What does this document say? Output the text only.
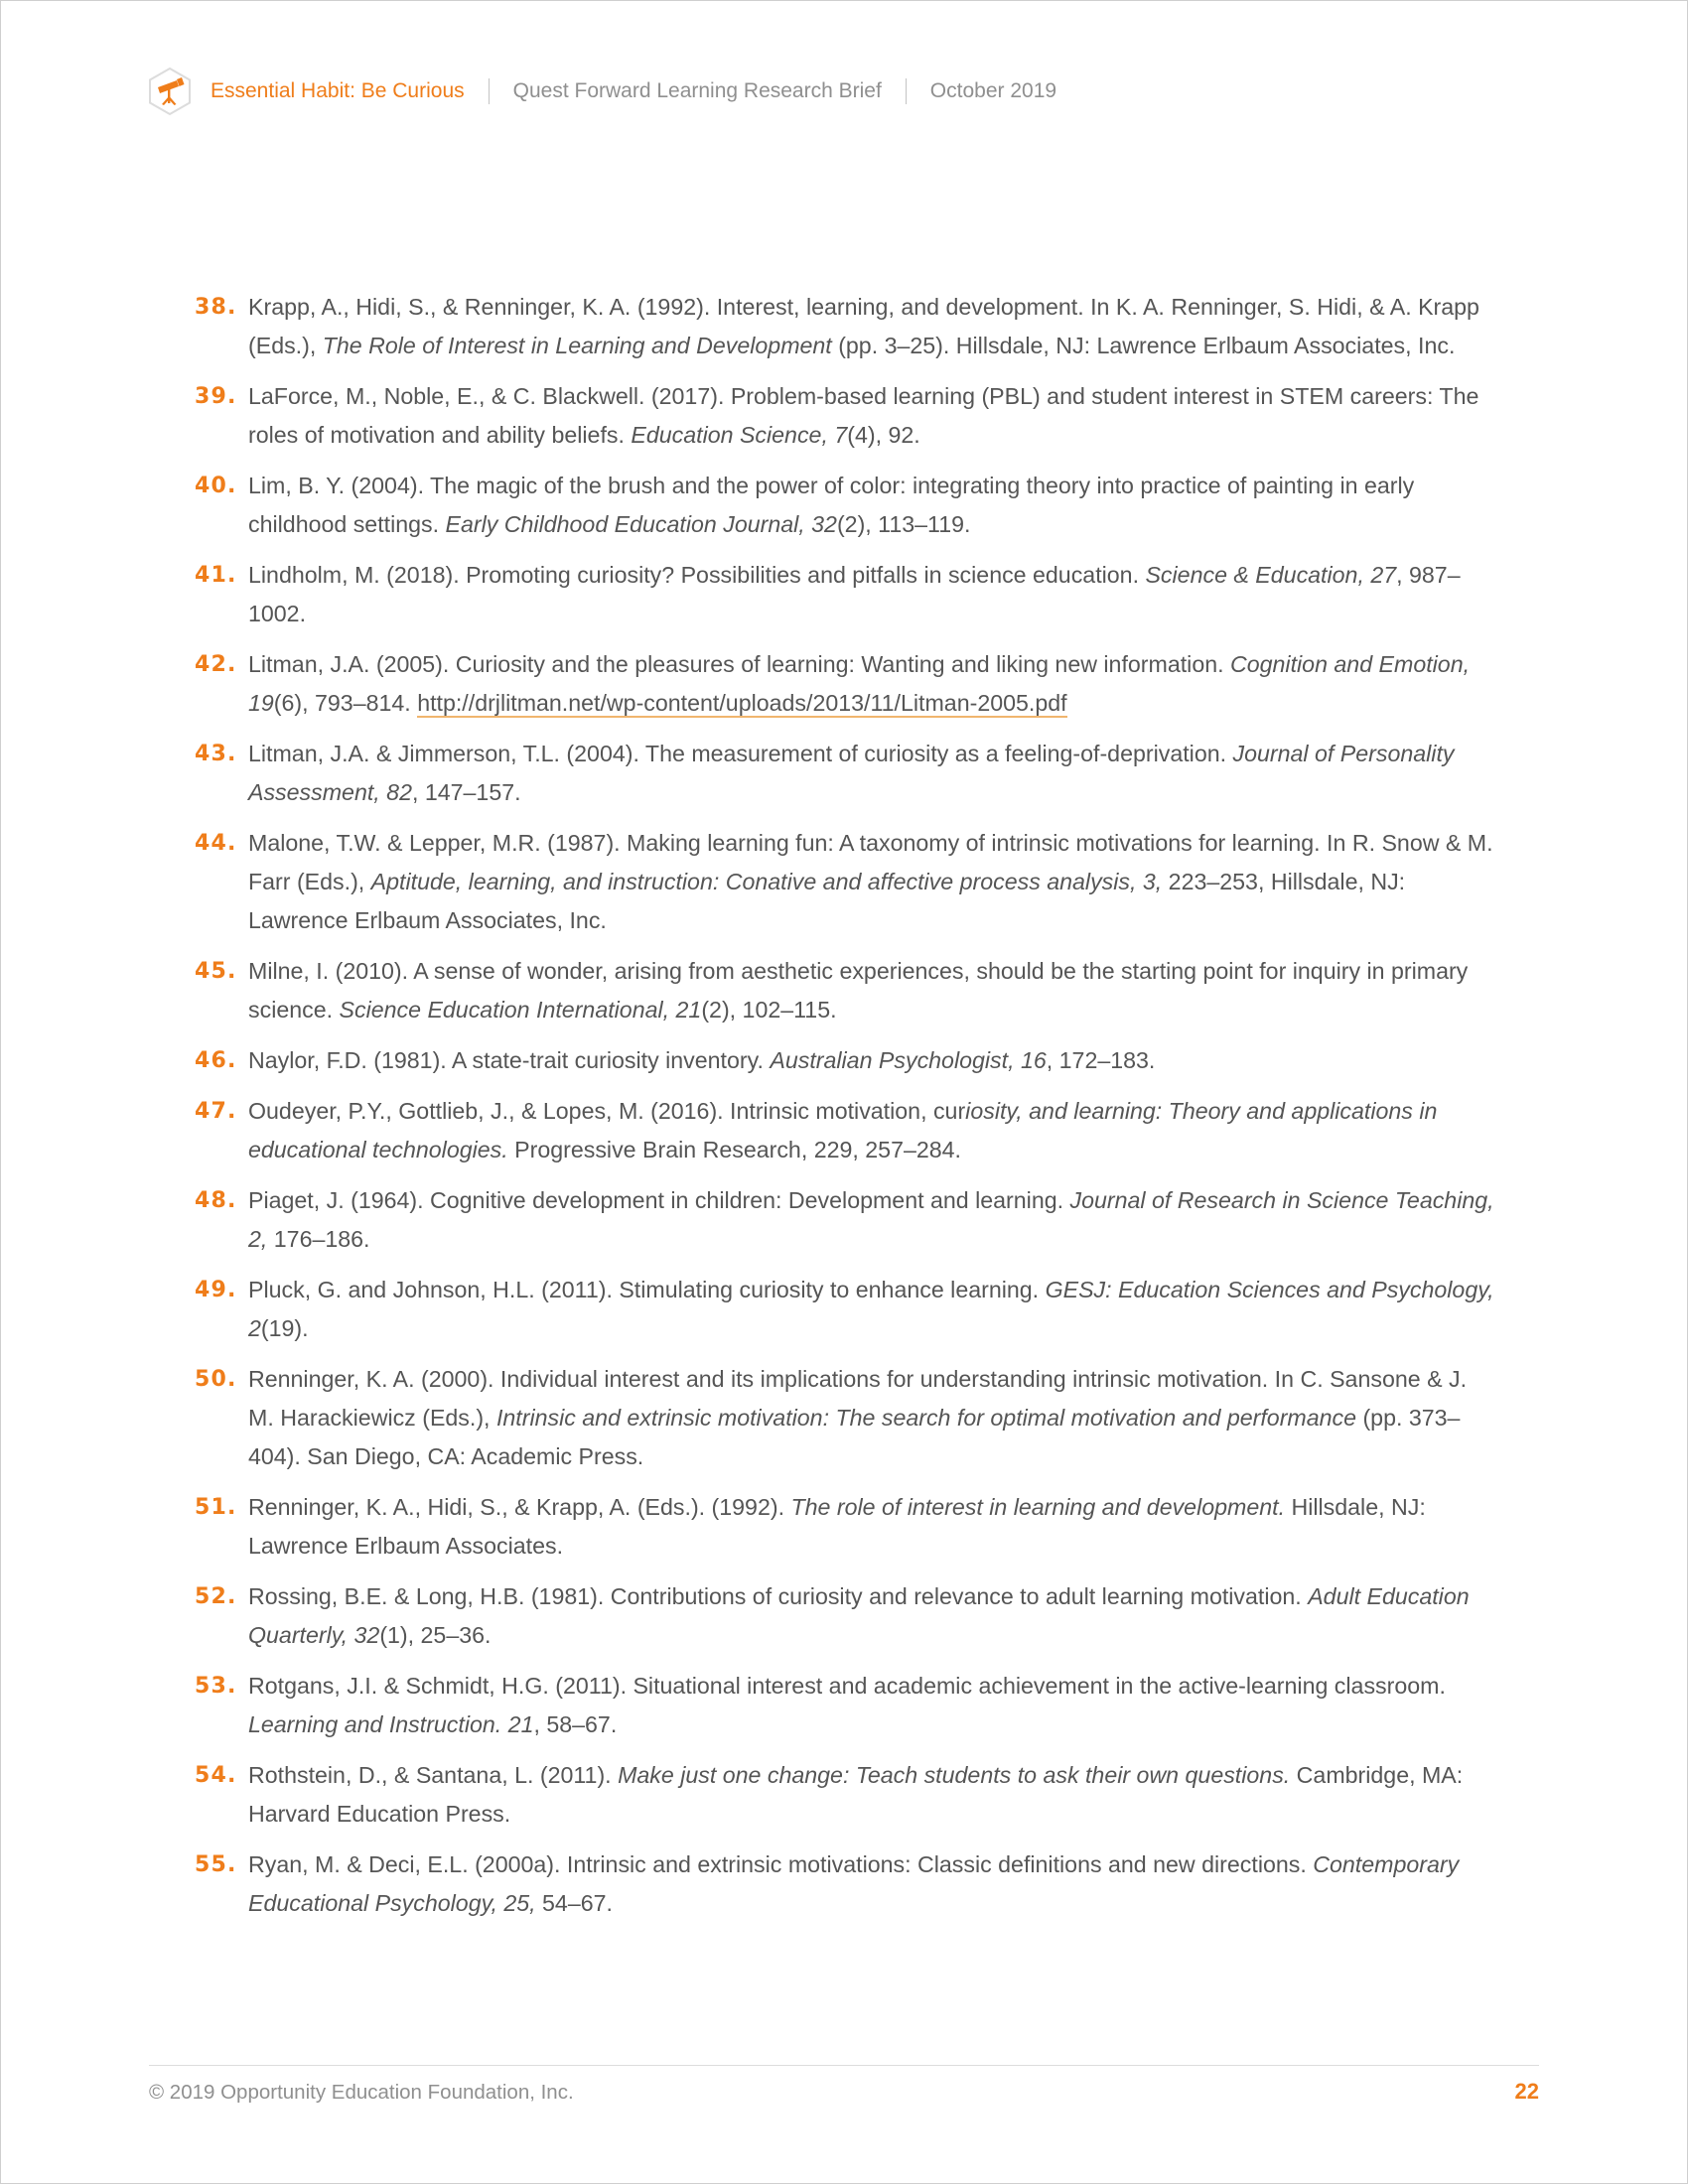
Essential Habit: Be Curious Quest Forward Learning Research Brief October 2019
38. Krapp, A., Hidi, S., & Renninger, K. A. (1992). Interest, learning, and development. In K. A. Renninger, S. Hidi, & A. Krapp (Eds.), The Role of Interest in Learning and Development (pp. 3–25). Hillsdale, NJ: Lawrence Erlbaum Associates, Inc.
39. LaForce, M., Noble, E., & C. Blackwell. (2017). Problem-based learning (PBL) and student interest in STEM careers: The roles of motivation and ability beliefs. Education Science, 7(4), 92.
40. Lim, B. Y. (2004). The magic of the brush and the power of color: integrating theory into practice of painting in early childhood settings. Early Childhood Education Journal, 32(2), 113–119.
41. Lindholm, M. (2018). Promoting curiosity? Possibilities and pitfalls in science education. Science & Education, 27, 987–1002.
42. Litman, J.A. (2005). Curiosity and the pleasures of learning: Wanting and liking new information. Cognition and Emotion, 19(6), 793–814. http://drjlitman.net/wp-content/uploads/2013/11/Litman-2005.pdf
43. Litman, J.A. & Jimmerson, T.L. (2004). The measurement of curiosity as a feeling-of-deprivation. Journal of Personality Assessment, 82, 147–157.
44. Malone, T.W. & Lepper, M.R. (1987). Making learning fun: A taxonomy of intrinsic motivations for learning. In R. Snow & M. Farr (Eds.), Aptitude, learning, and instruction: Conative and affective process analysis, 3, 223–253, Hillsdale, NJ: Lawrence Erlbaum Associates, Inc.
45. Milne, I. (2010). A sense of wonder, arising from aesthetic experiences, should be the starting point for inquiry in primary science. Science Education International, 21(2), 102–115.
46. Naylor, F.D. (1981). A state-trait curiosity inventory. Australian Psychologist, 16, 172–183.
47. Oudeyer, P.Y., Gottlieb, J., & Lopes, M. (2016). Intrinsic motivation, curiosity, and learning: Theory and applications in educational technologies. Progressive Brain Research, 229, 257–284.
48. Piaget, J. (1964). Cognitive development in children: Development and learning. Journal of Research in Science Teaching, 2, 176–186.
49. Pluck, G. and Johnson, H.L. (2011). Stimulating curiosity to enhance learning. GESJ: Education Sciences and Psychology, 2(19).
50. Renninger, K. A. (2000). Individual interest and its implications for understanding intrinsic motivation. In C. Sansone & J. M. Harackiewicz (Eds.), Intrinsic and extrinsic motivation: The search for optimal motivation and performance (pp. 373–404). San Diego, CA: Academic Press.
51. Renninger, K. A., Hidi, S., & Krapp, A. (Eds.). (1992). The role of interest in learning and development. Hillsdale, NJ: Lawrence Erlbaum Associates.
52. Rossing, B.E. & Long, H.B. (1981). Contributions of curiosity and relevance to adult learning motivation. Adult Education Quarterly, 32(1), 25–36.
53. Rotgans, J.I. & Schmidt, H.G. (2011). Situational interest and academic achievement in the active-learning classroom. Learning and Instruction. 21, 58–67.
54. Rothstein, D., & Santana, L. (2011). Make just one change: Teach students to ask their own questions. Cambridge, MA: Harvard Education Press.
55. Ryan, M. & Deci, E.L. (2000a). Intrinsic and extrinsic motivations: Classic definitions and new directions. Contemporary Educational Psychology, 25, 54–67.
© 2019 Opportunity Education Foundation, Inc.	22
